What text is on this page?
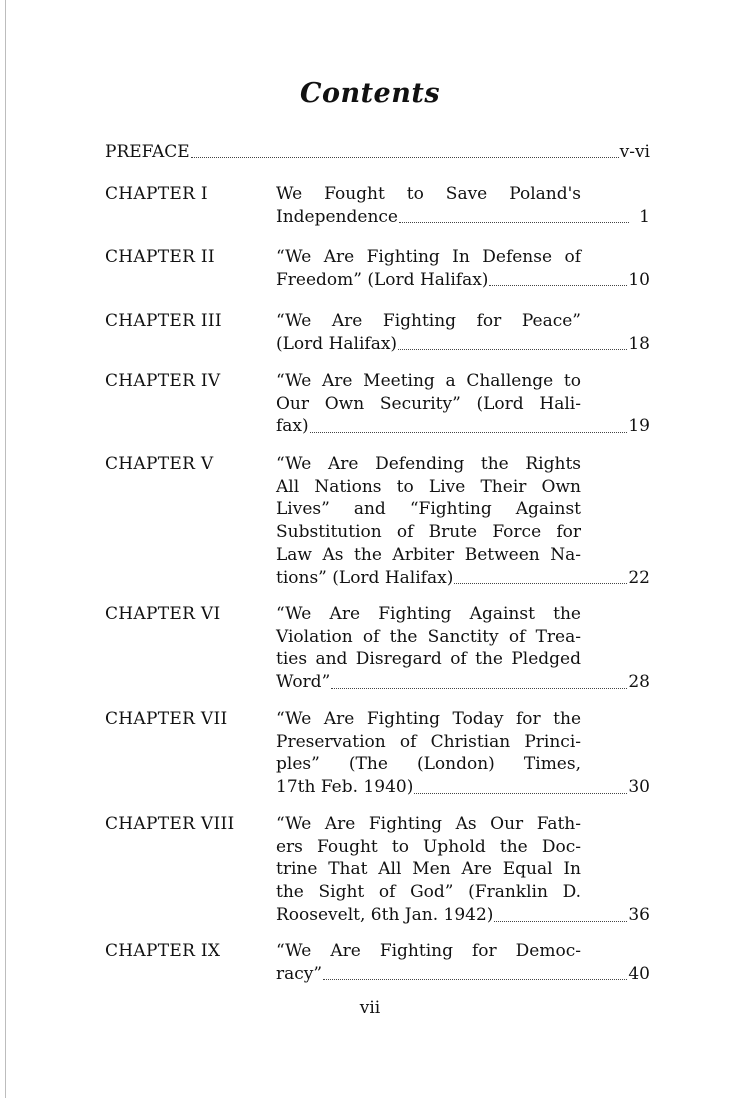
Contents
PREFACE	v-vi
CHAPTER I	We Fought to Save Poland's
Independence	1
CHAPTER II	“We Are Fighting In Defense of
Freedom” (Lord Halifax)	10
CHAPTER III	“We Are Fighting for Peace”
(Lord Halifax)	18
CHAPTER IV	“We Are Meeting a Challenge to
Our Own Security” (Lord Hali-
fax)	19
CHAPTER V	“We Are Defending the Rights
All Nations to Live Their Own
Lives” and “Fighting Against
Substitution of Brute Force for
Law As the Arbiter Between Na-
tions” (Lord Halifax)	22
CHAPTER VI	“We Are Fighting Against the
Violation of the Sanctity of Trea-
ties and Disregard of the Pledged
Word”	28
CHAPTER VII	“We Are Fighting Today for the
Preservation of Christian Princi-
ples” (The (London) Times,
17th Feb. 1940)	30
CHAPTER VIII “We Are Fighting As Our Fath-
ers Fought to Uphold the Doc-
trine That All Men Are Equal In
the Sight of God” (Franklin D.
Roosevelt, 6th Jan. 1942)	36
CHAPTER IX	“We Are Fighting for Democ-
racy”	40
vii
